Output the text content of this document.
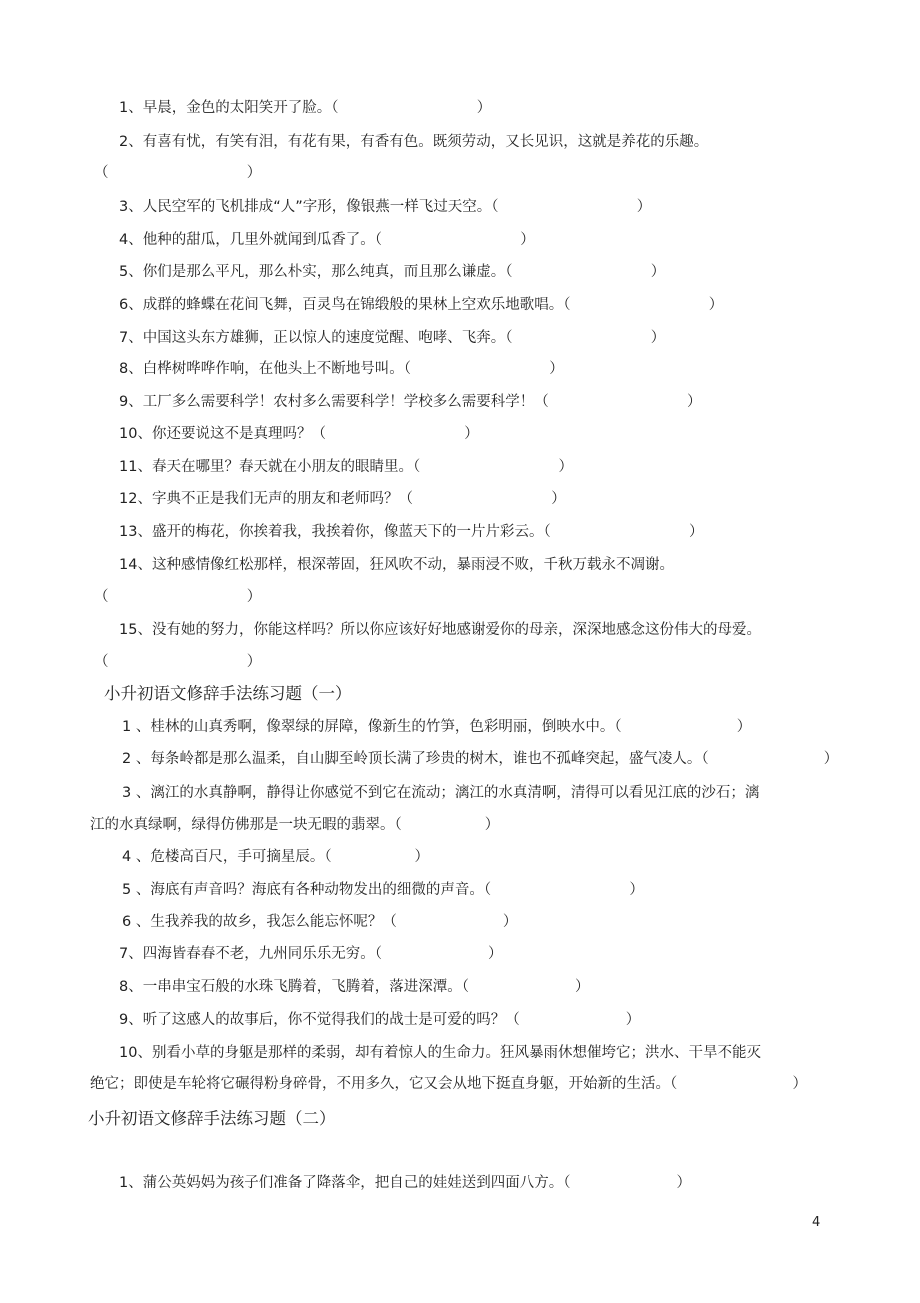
1、早晨，金色的太阳笑开了脸。（                              ）
2、有喜有忧，有笑有泪，有花有果，有香有色。既须劳动，又长见识，这就是养花的乐趣。
（                              ）
3、人民空军的飞机排成“人”字形，像银燕一样飞过天空。（                              ）
4、他种的甜瓜，几里外就闻到瓜香了。（                              ）
5、你们是那么平凡，那么朴实，那么纯真，而且那么谦虚。（                              ）
6、成群的蜂蝶在花间飞舞，百灵鸟在锦缎般的果林上空欢乐地歌唱。（                              ）
7、中国这头东方雄狮，正以惊人的速度觉醒、咆哮、飞奔。（                              ）
8、白桦树哗哗作响，在他头上不断地号叫。（                              ）
9、工厂多么需要科学！农村多么需要科学！学校多么需要科学！（                              ）
10、你还要说这不是真理吗？（                              ）
11、春天在哪里？春天就在小朋友的眼睛里。（                              ）
12、字典不正是我们无声的朋友和老师吗？（                              ）
13、盛开的梅花，你挨着我，我挨着你，像蓝天下的一片片彩云。（                              ）
14、这种感情像红松那样，根深蒂固，狂风吹不动，暴雨浸不败，千秋万载永不凋谢。
（                              ）
15、没有她的努力，你能这样吗？所以你应该好好地感谢爱你的母亲，深深地感念这份伟大的母爱。
（                              ）
小升初语文修辞手法练习题（一）
1 、桂林的山真秀啊，像翠绿的屏障，像新生的竹笋，色彩明丽，倒映水中。（                         ）
2 、每条岭都是那么温柔，自山脚至岭顶长满了珍贵的树木，谁也不孤峰突起，盛气凌人。（                         ）
3 、漓江的水真静啊，静得让你感觉不到它在流动；漓江的水真清啊，清得可以看见江底的沙石；漓
江的水真绿啊，绿得仿佛那是一块无暇的翡翠。（                  ）
4 、危楼高百尺，手可摘星辰。（                  ）
5 、海底有声音吗？海底有各种动物发出的细微的声音。（                              ）
6 、生我养我的故乡，我怎么能忘怀呢？（                       ）
7、四海皆春春不老，九州同乐乐无穷。（                       ）
8、一串串宝石般的水珠飞腾着，飞腾着，落进深潭。（                       ）
9、听了这感人的故事后，你不觉得我们的战士是可爱的吗？（                       ）
10、别看小草的身躯是那样的柔弱，却有着惊人的生命力。狂风暴雨休想催垮它；洪水、干旱不能灭
绝它；即使是车轮将它碾得粉身碎骨，不用多久，它又会从地下挺直身躯，开始新的生活。（                         ）
小升初语文修辞手法练习题（二）
1、蒲公英妈妈为孩子们准备了降落伞，把自己的娃娃送到四面八方。（                       ）
4
